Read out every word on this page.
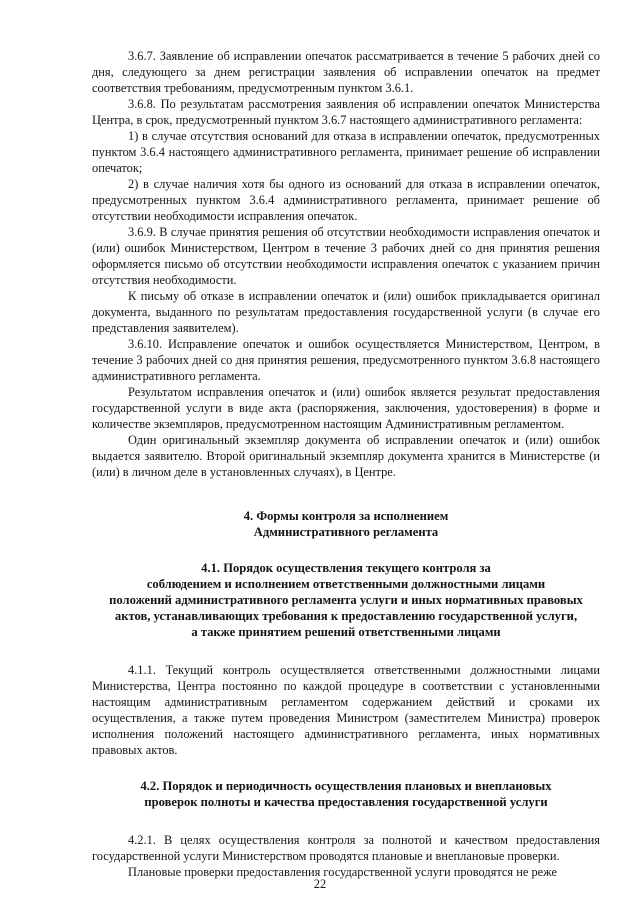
3.6.7. Заявление об исправлении опечаток рассматривается в течение 5 рабочих дней со дня, следующего за днем регистрации заявления об исправлении опечаток на предмет соответствия требованиям, предусмотренным пунктом 3.6.1.

3.6.8. По результатам рассмотрения заявления об исправлении опечаток Министерства Центра, в срок, предусмотренный пунктом 3.6.7 настоящего административного регламента:

1) в случае отсутствия оснований для отказа в исправлении опечаток, предусмотренных пунктом 3.6.4 настоящего административного регламента, принимает решение об исправлении опечаток;

2) в случае наличия хотя бы одного из оснований для отказа в исправлении опечаток, предусмотренных пунктом 3.6.4 административного регламента, принимает решение об отсутствии необходимости исправления опечаток.

3.6.9. В случае принятия решения об отсутствии необходимости исправления опечаток и (или) ошибок Министерством, Центром в течение 3 рабочих дней со дня принятия решения оформляется письмо об отсутствии необходимости исправления опечаток с указанием причин отсутствия необходимости.

К письму об отказе в исправлении опечаток и (или) ошибок прикладывается оригинал документа, выданного по результатам предоставления государственной услуги (в случае его представления заявителем).

3.6.10. Исправление опечаток и ошибок осуществляется Министерством, Центром, в течение 3 рабочих дней со дня принятия решения, предусмотренного пунктом 3.6.8 настоящего административного регламента.

Результатом исправления опечаток и (или) ошибок является результат предоставления государственной услуги в виде акта (распоряжения, заключения, удостоверения) в форме и количестве экземпляров, предусмотренном настоящим Административным регламентом.

Один оригинальный экземпляр документа об исправлении опечаток и (или) ошибок выдается заявителю. Второй оригинальный экземпляр документа хранится в Министерстве (и (или) в личном деле в установленных случаях), в Центре.

4. Формы контроля за исполнением
Административного регламента
4.1. Порядок осуществления текущего контроля за
соблюдением и исполнением ответственными должностными лицами
положений административного регламента услуги и иных нормативных правовых
актов, устанавливающих требования к предоставлению государственной услуги,
а также принятием решений ответственными лицами

4.1.1. Текущий контроль осуществляется ответственными должностными лицами Министерства, Центра постоянно по каждой процедуре в соответствии с установленными настоящим административным регламентом содержанием действий и сроками их осуществления, а также путем проведения Министром (заместителем Министра) проверок исполнения положений настоящего административного регламента, иных нормативных правовых актов.

4.2. Порядок и периодичность осуществления плановых и внеплановых
проверок полноты и качества предоставления государственной услуги

4.2.1. В целях осуществления контроля за полнотой и качеством предоставления государственной услуги Министерством проводятся плановые и внеплановые проверки.

Плановые проверки предоставления государственной услуги проводятся не реже

22
